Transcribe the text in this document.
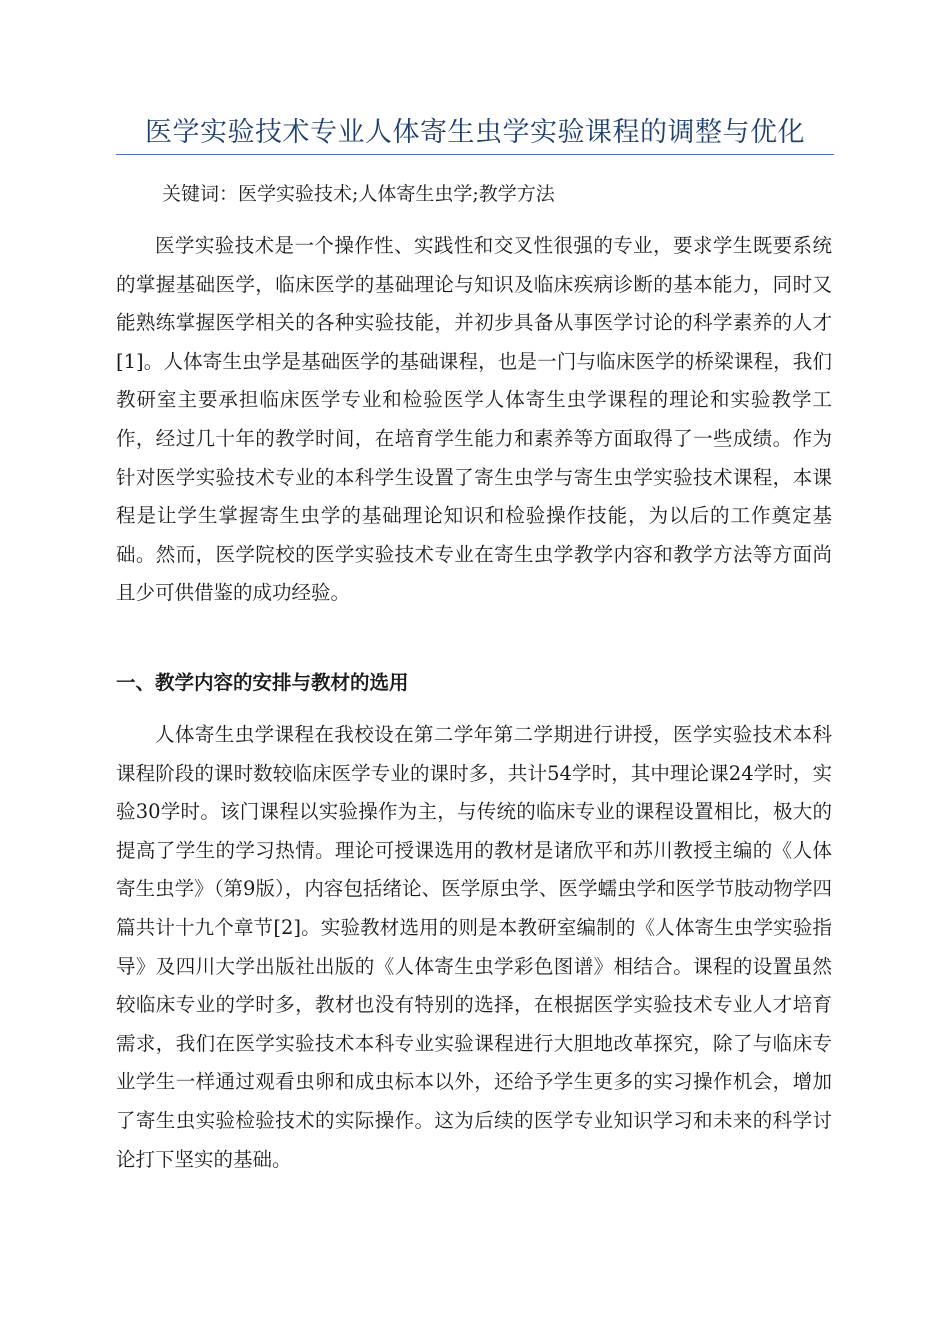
医学实验技术专业人体寄生虫学实验课程的调整与优化
关键词：医学实验技术;人体寄生虫学;教学方法

医学实验技术是一个操作性、实践性和交叉性很强的专业，要求学生既要系统的掌握基础医学，临床医学的基础理论与知识及临床疾病诊断的基本能力，同时又能熟练掌握医学相关的各种实验技能，并初步具备从事医学讨论的科学素养的人才[1]。人体寄生虫学是基础医学的基础课程，也是一门与临床医学的桥梁课程，我们教研室主要承担临床医学专业和检验医学人体寄生虫学课程的理论和实验教学工作，经过几十年的教学时间，在培育学生能力和素养等方面取得了一些成绩。作为针对医学实验技术专业的本科学生设置了寄生虫学与寄生虫学实验技术课程，本课程是让学生掌握寄生虫学的基础理论知识和检验操作技能，为以后的工作奠定基础。然而，医学院校的医学实验技术专业在寄生虫学教学内容和教学方法等方面尚且少可供借鉴的成功经验。

一、教学内容的安排与教材的选用

人体寄生虫学课程在我校设在第二学年第二学期进行讲授，医学实验技术本科课程阶段的课时数较临床医学专业的课时多，共计54学时，其中理论课24学时，实验30学时。该门课程以实验操作为主，与传统的临床专业的课程设置相比，极大的提高了学生的学习热情。理论可授课选用的教材是诸欣平和苏川教授主编的《人体寄生虫学》（第9版），内容包括绪论、医学原虫学、医学蠕虫学和医学节肢动物学四篇共计十九个章节[2]。实验教材选用的则是本教研室编制的《人体寄生虫学实验指导》及四川大学出版社出版的《人体寄生虫学彩色图谱》相结合。课程的设置虽然较临床专业的学时多，教材也没有特别的选择，在根据医学实验技术专业人才培育需求，我们在医学实验技术本科专业实验课程进行大胆地改革探究，除了与临床专业学生一样通过观看虫卵和成虫标本以外，还给予学生更多的实习操作机会，增加了寄生虫实验检验技术的实际操作。这为后续的医学专业知识学习和未来的科学讨论打下坚实的基础。
